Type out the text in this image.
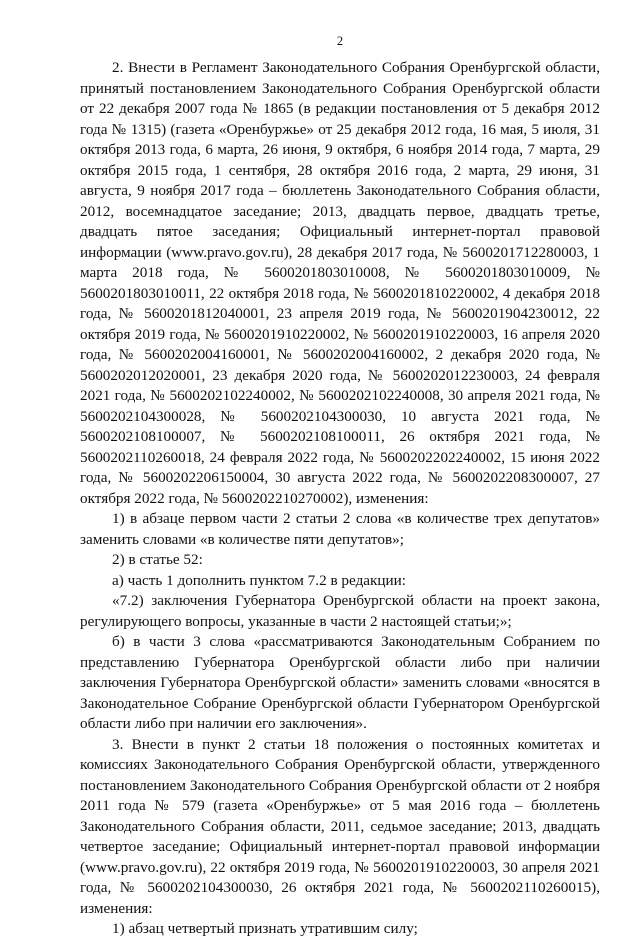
2

2. Внести в Регламент Законодательного Собрания Оренбургской области, принятый постановлением Законодательного Собрания Оренбургской области от 22 декабря 2007 года № 1865 (в редакции постановления от 5 декабря 2012 года № 1315) (газета «Оренбуржье» от 25 декабря 2012 года, 16 мая, 5 июля, 31 октября 2013 года, 6 марта, 26 июня, 9 октября, 6 ноября 2014 года, 7 марта, 29 октября 2015 года, 1 сентября, 28 октября 2016 года, 2 марта, 29 июня, 31 августа, 9 ноября 2017 года – бюллетень Законодательного Собрания области, 2012, восемнадцатое заседание; 2013, двадцать первое, двадцать третье, двадцать пятое заседания; Официальный интернет-портал правовой информации (www.pravo.gov.ru), 28 декабря 2017 года, № 5600201712280003, 1 марта 2018 года, № 5600201803010008, № 5600201803010009, № 5600201803010011, 22 октября 2018 года, № 5600201810220002, 4 декабря 2018 года, № 5600201812040001, 23 апреля 2019 года, № 5600201904230012, 22 октября 2019 года, № 5600201910220002, № 5600201910220003, 16 апреля 2020 года, № 5600202004160001, № 5600202004160002, 2 декабря 2020 года, № 5600202012020001, 23 декабря 2020 года, № 5600202012230003, 24 февраля 2021 года, № 5600202102240002, № 5600202102240008, 30 апреля 2021 года, № 5600202104300028, № 5600202104300030, 10 августа 2021 года, № 5600202108100007, № 5600202108100011, 26 октября 2021 года, № 5600202110260018, 24 февраля 2022 года, № 5600202202240002, 15 июня 2022 года, № 5600202206150004, 30 августа 2022 года, № 5600202208300007, 27 октября 2022 года, № 5600202210270002), изменения:

1) в абзаце первом части 2 статьи 2 слова «в количестве трех депутатов» заменить словами «в количестве пяти депутатов»;

2) в статье 52:

а) часть 1 дополнить пунктом 7.2 в редакции:

«7.2) заключения Губернатора Оренбургской области на проект закона, регулирующего вопросы, указанные в части 2 настоящей статьи;»;

б) в части 3 слова «рассматриваются Законодательным Собранием по представлению Губернатора Оренбургской области либо при наличии заключения Губернатора Оренбургской области» заменить словами «вносятся в Законодательное Собрание Оренбургской области Губернатором Оренбургской области либо при наличии его заключения».

3. Внести в пункт 2 статьи 18 положения о постоянных комитетах и комиссиях Законодательного Собрания Оренбургской области, утвержденного постановлением Законодательного Собрания Оренбургской области от 2 ноября 2011 года № 579 (газета «Оренбуржье» от 5 мая 2016 года – бюллетень Законодательного Собрания области, 2011, седьмое заседание; 2013, двадцать четвертое заседание; Официальный интернет-портал правовой информации (www.pravo.gov.ru), 22 октября 2019 года, № 5600201910220003, 30 апреля 2021 года, № 5600202104300030, 26 октября 2021 года, № 5600202110260015), изменения:

1) абзац четвертый признать утратившим силу;
